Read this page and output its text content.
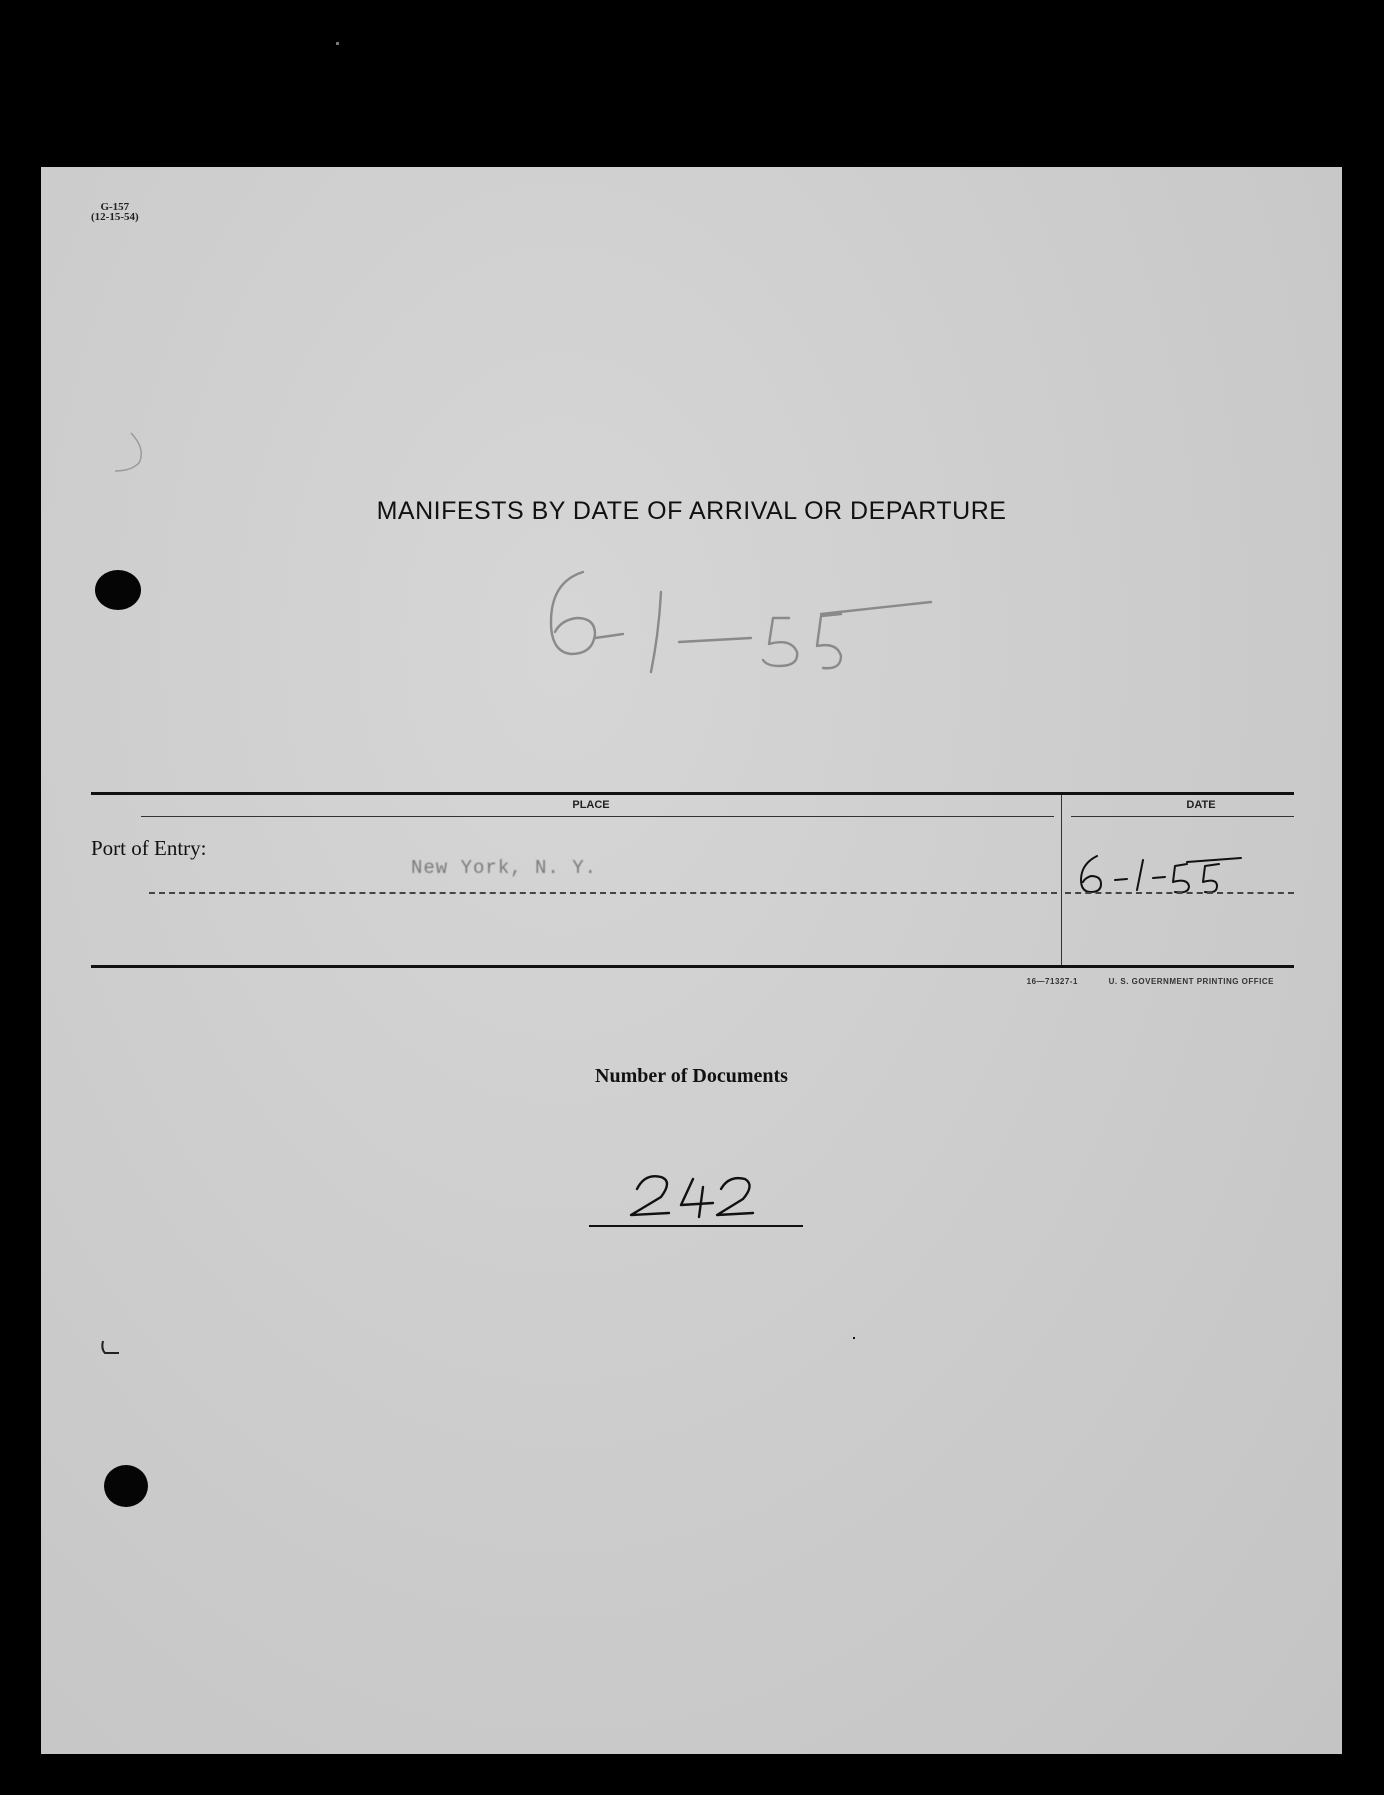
G-157
(12-15-54)
MANIFESTS BY DATE OF ARRIVAL OR DEPARTURE
PLACE	DATE
Port of Entry:
New York, N. Y.
16—71327-1	U. S. GOVERNMENT PRINTING OFFICE
Number of Documents
